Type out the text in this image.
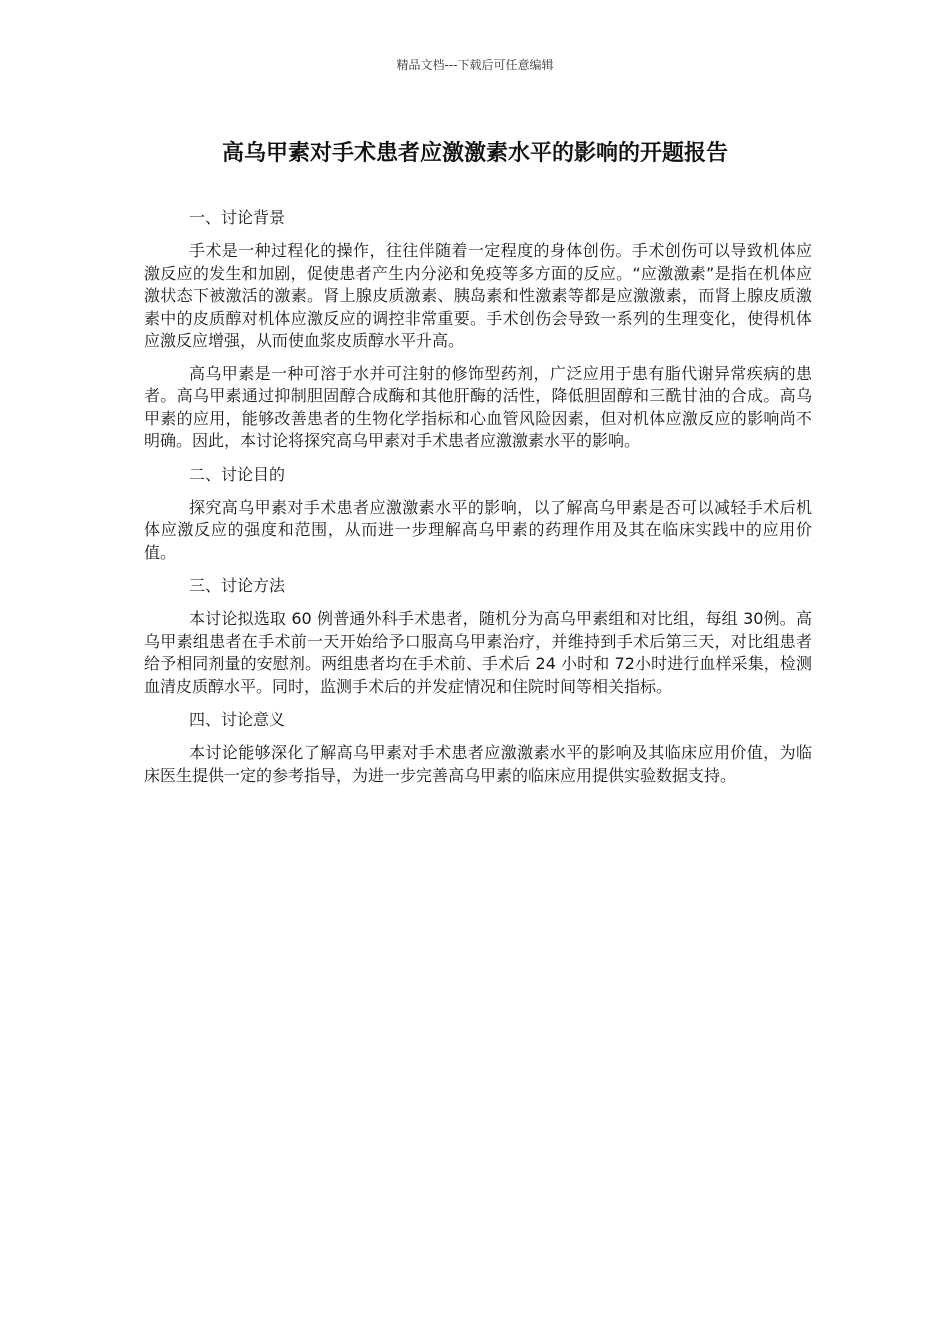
精品文档---下载后可任意编辑
高乌甲素对手术患者应激激素水平的影响的开题报告

一、讨论背景

手术是一种过程化的操作，往往伴随着一定程度的身体创伤。手术创伤可以导致机体应激反应的发生和加剧，促使患者产生内分泌和免疫等多方面的反应。“应激激素”是指在机体应激状态下被激活的激素。肾上腺皮质激素、胰岛素和性激素等都是应激激素，而肾上腺皮质激素中的皮质醇对机体应激反应的调控非常重要。手术创伤会导致一系列的生理变化，使得机体应激反应增强，从而使血浆皮质醇水平升高。

高乌甲素是一种可溶于水并可注射的修饰型药剂，广泛应用于患有脂代谢异常疾病的患者。高乌甲素通过抑制胆固醇合成酶和其他肝酶的活性，降低胆固醇和三酰甘油的合成。高乌甲素的应用，能够改善患者的生物化学指标和心血管风险因素，但对机体应激反应的影响尚不明确。因此，本讨论将探究高乌甲素对手术患者应激激素水平的影响。

二、讨论目的

探究高乌甲素对手术患者应激激素水平的影响，以了解高乌甲素是否可以减轻手术后机体应激反应的强度和范围，从而进一步理解高乌甲素的药理作用及其在临床实践中的应用价值。

三、讨论方法

本讨论拟选取 60 例普通外科手术患者，随机分为高乌甲素组和对比组，每组 30例。高乌甲素组患者在手术前一天开始给予口服高乌甲素治疗，并维持到手术后第三天，对比组患者给予相同剂量的安慰剂。两组患者均在手术前、手术后 24 小时和 72小时进行血样采集，检测血清皮质醇水平。同时，监测手术后的并发症情况和住院时间等相关指标。

四、讨论意义

本讨论能够深化了解高乌甲素对手术患者应激激素水平的影响及其临床应用价值，为临床医生提供一定的参考指导，为进一步完善高乌甲素的临床应用提供实验数据支持。
